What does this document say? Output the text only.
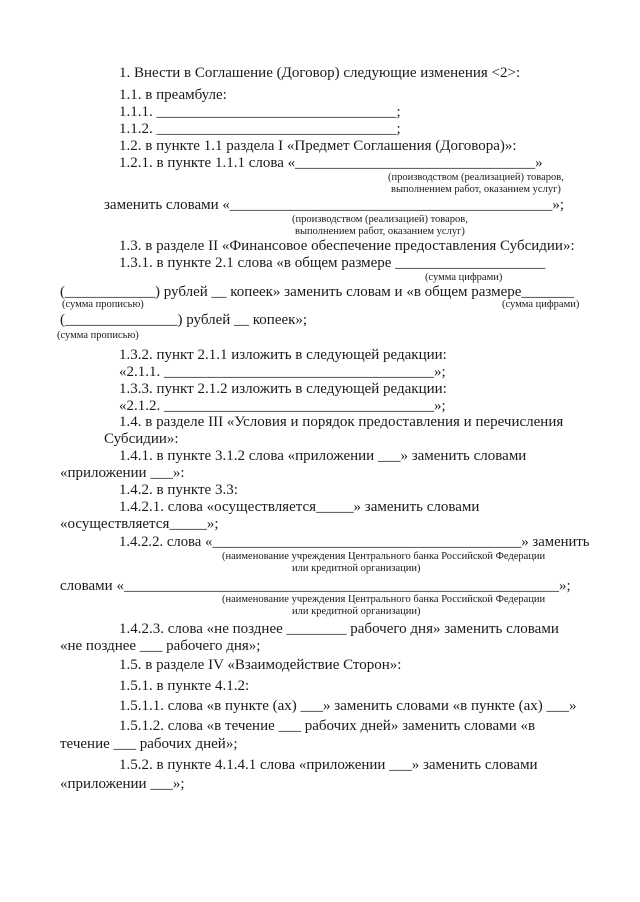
1. Внести в Соглашение (Договор) следующие изменения <2>:
1.1. в преамбуле:
1.1.1. ________________________________;
1.1.2. ________________________________;
1.2. в пункте 1.1 раздела I «Предмет Соглашения (Договора)»:
1.2.1. в пункте 1.1.1 слова «________________________________»
(производством (реализацией) товаров,
выполнением работ, оказанием услуг)
заменить словами «___________________________________________»;
(производством (реализацией) товаров,
выполнением работ, оказанием услуг)
1.3. в разделе II «Финансовое обеспечение предоставления Субсидии»:
1.3.1. в пункте 2.1 слова «в общем размере ____________________
(сумма цифрами)
(____________) рублей __ копеек» заменить словам и «в общем размере_______
(сумма прописью)	(сумма цифрами)
(_______________) рублей __ копеек»;
(сумма прописью)
1.3.2. пункт 2.1.1 изложить в следующей редакции:
«2.1.1. ____________________________________»;
1.3.3. пункт 2.1.2 изложить в следующей редакции:
«2.1.2. ____________________________________»;
1.4. в разделе III «Условия и порядок предоставления и перечисления
Субсидии»:
1.4.1. в пункте 3.1.2 слова «приложении ___» заменить словами
«приложении ___»:
1.4.2. в пункте 3.3:
1.4.2.1. слова «осуществляется_____» заменить словами
«осуществляется_____»;
1.4.2.2. слова «__________________________________________» заменить
(наименование учреждения Центрального банка Российской Федерации
или кредитной организации)
словами «__________________________________________________________»;
(наименование учреждения Центрального банка Российской Федерации
или кредитной организации)
1.4.2.3. слова «не позднее ________ рабочего дня» заменить словами
«не позднее ___ рабочего дня»;
1.5. в разделе IV «Взаимодействие Сторон»:
1.5.1. в пункте 4.1.2:
1.5.1.1. слова «в пункте (ах) ___» заменить словами «в пункте (ах) ___»
1.5.1.2. слова «в течение ___ рабочих дней» заменить словами «в
течение ___ рабочих дней»;
1.5.2. в пункте 4.1.4.1 слова «приложении ___» заменить словами
«приложении ___»;
